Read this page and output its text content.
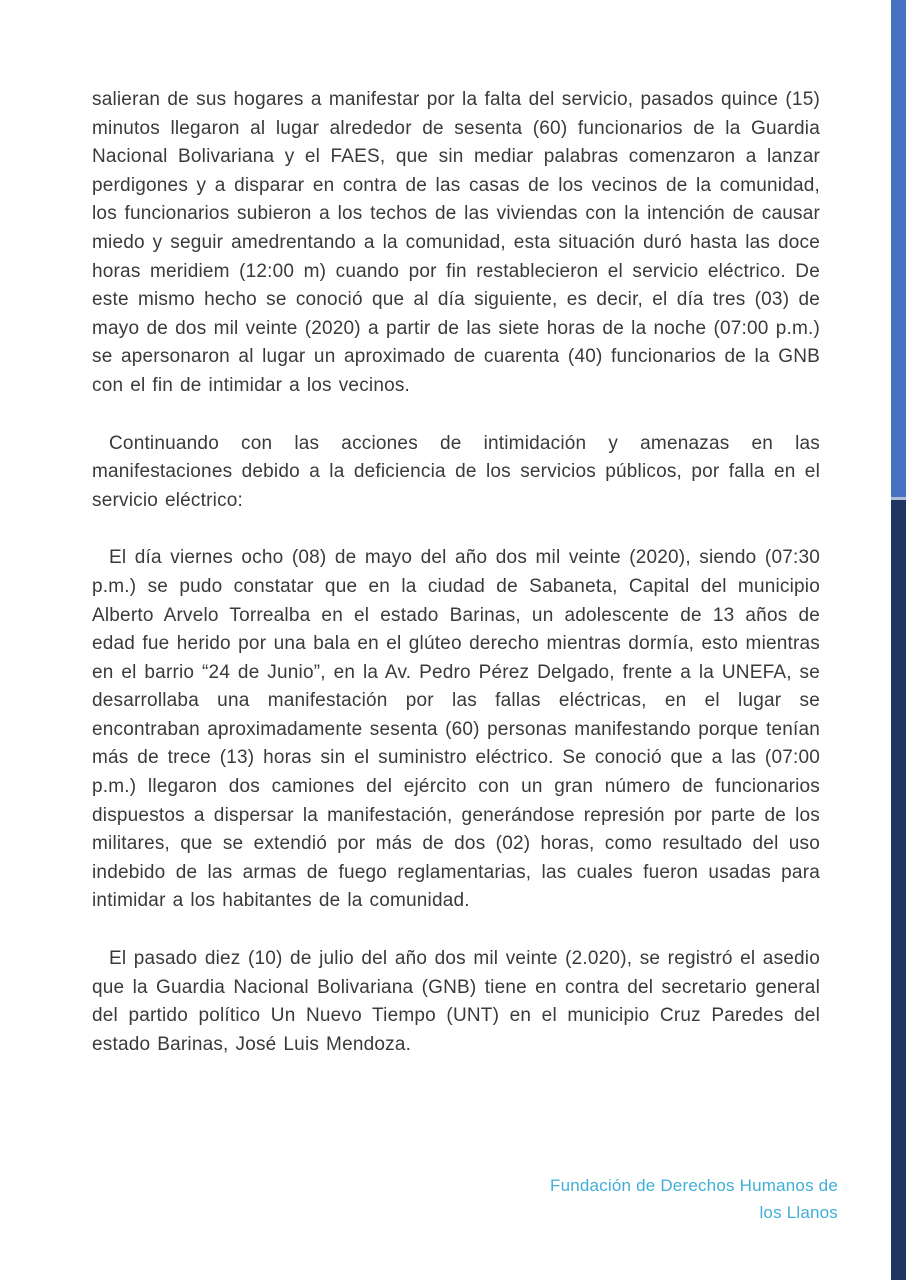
salieran de sus hogares a manifestar por la falta del servicio, pasados quince (15) minutos llegaron al lugar alrededor de sesenta (60) funcionarios de la Guardia Nacional Bolivariana y el FAES, que sin mediar palabras comenzaron a lanzar perdigones y a disparar en contra de las casas de los vecinos de la comunidad, los funcionarios subieron a los techos de las viviendas con la intención de causar miedo y seguir amedrentando a la comunidad, esta situación duró hasta las doce horas meridiem (12:00 m) cuando por fin restablecieron el servicio eléctrico. De este mismo hecho se conoció que al día siguiente, es decir, el día tres (03) de mayo de dos mil veinte (2020) a partir de las siete horas de la noche (07:00 p.m.) se apersonaron al lugar un aproximado de cuarenta (40) funcionarios de la GNB con el fin de intimidar a los vecinos.

Continuando con las acciones de intimidación y amenazas en las manifestaciones debido a la deficiencia de los servicios públicos, por falla en el servicio eléctrico:

El día viernes ocho (08) de mayo del año dos mil veinte (2020), siendo (07:30 p.m.) se pudo constatar que en la ciudad de Sabaneta, Capital del municipio Alberto Arvelo Torrealba en el estado Barinas, un adolescente de 13 años de edad fue herido por una bala en el glúteo derecho mientras dormía, esto mientras en el barrio “24 de Junio”, en la Av. Pedro Pérez Delgado, frente a la UNEFA, se desarrollaba una manifestación por las fallas eléctricas, en el lugar se encontraban aproximadamente sesenta (60) personas manifestando porque tenían más de trece (13) horas sin el suministro eléctrico. Se conoció que a las (07:00 p.m.) llegaron dos camiones del ejército con un gran número de funcionarios dispuestos a dispersar la manifestación, generándose represión por parte de los militares, que se extendió por más de dos (02) horas, como resultado del uso indebido de las armas de fuego reglamentarias, las cuales fueron usadas para intimidar a los habitantes de la comunidad.

El pasado diez (10) de julio del año dos mil veinte (2.020), se registró el asedio que la Guardia Nacional Bolivariana (GNB) tiene en contra del secretario general del partido político Un Nuevo Tiempo (UNT) en el municipio Cruz Paredes del estado Barinas, José Luis Mendoza.

Fundación de Derechos Humanos de
los Llanos
